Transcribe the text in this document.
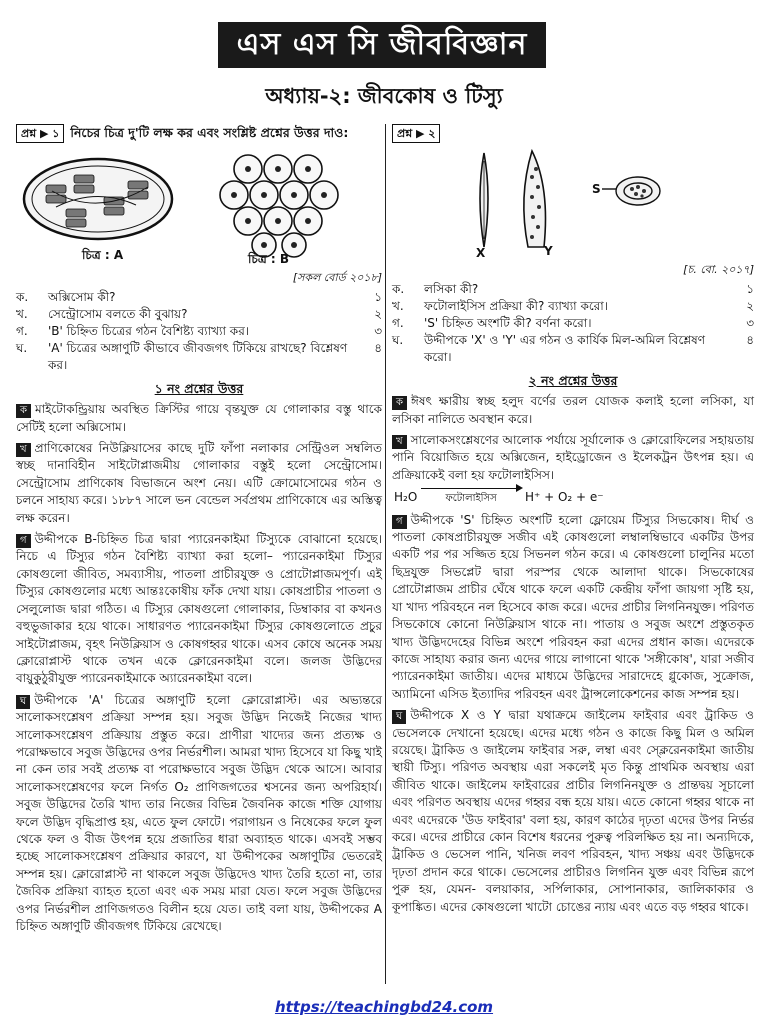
এস এস সি জীববিজ্ঞান
অধ্যায়-২: জীবকোষ ও টিস্যু
প্রশ্ন ▶ ১ নিচের চিত্র দু'টি লক্ষ কর এবং সংশ্লিষ্ট প্রশ্নের উত্তর দাও:
চিত্র : A	চিত্র : B
[সকল বোর্ড ২০১৮]
ক.	অক্সিসোম কী?	১
খ.	সেন্ট্রোসোম বলতে কী বুঝায়?	২
গ.	'B' চিহ্নিত চিত্রের গঠন বৈশিষ্ট্য ব্যাখ্যা কর।	৩
ঘ.	'A' চিত্রের অঙ্গাণুটি কীভাবে জীবজগৎ টিকিয়ে রাখছে? বিশ্লেষণ কর।
৪
১ নং প্রশ্নের উত্তর
ক মাইটোকন্ড্রিয়ায় অবস্থিত ক্রিস্টির গায়ে বৃন্তযুক্ত যে গোলাকার বস্তু থাকে সেটিই হলো অক্সিসোম।
খ প্রাণিকোষের নিউক্লিয়াসের কাছে দুটি ফাঁপা নলাকার সেন্ট্রিওল সম্বলিত স্বচ্ছ দানাবিহীন সাইটোপ্লাজমীয় গোলাকার বস্তুই হলো সেন্ট্রোসোম। সেন্ট্রোসোম প্রাণিকোষ বিভাজনে অংশ নেয়। এটি ক্রোমোসোমের গঠন ও চলনে সাহায্য করে। ১৮৮৭ সালে ভন বেন্ডেল সর্বপ্রথম প্রাণিকোষে এর অস্তিত্ব লক্ষ করেন।
গ উদ্দীপকে B-চিহ্নিত চিত্র দ্বারা প্যারেনকাইমা টিস্যুকে বোঝানো হয়েছে। নিচে এ টিস্যুর গঠন বৈশিষ্ট্য ব্যাখ্যা করা হলো– প্যারেনকাইমা টিস্যুর কোষগুলো জীবিত, সমব্যাসীয়, পাতলা প্রাচীরযুক্ত ও প্রোটোপ্লাজমপূর্ণ। এই টিস্যুর কোষগুলোর মধ্যে আন্তঃকোষীয় ফাঁক দেখা যায়। কোষপ্রাচীর পাতলা ও সেলুলোজ দ্বারা গঠিত। এ টিস্যুর কোষগুলো গোলাকার, ডিম্বাকার বা কখনও বহুভুজাকার হয়ে থাকে। সাধারণত প্যারেনকাইমা টিস্যুর কোষগুলোতে প্রচুর সাইটোপ্লাজম, বৃহৎ নিউক্লিয়াস ও কোষগহ্বর থাকে। এসব কোষে অনেক সময় ক্লোরোপ্লাস্ট থাকে তখন একে ক্লোরেনকাইমা বলে। জলজ উদ্ভিদের বায়ুকুঠুরীযুক্ত প্যারেনকাইমাকে অ্যারেনকাইমা বলে।
ঘ উদ্দীপকে 'A' চিত্রের অঙ্গাণুটি হলো ক্লোরোপ্লাস্ট। এর অভ্যন্তরে সালোকসংশ্লেষণ প্রক্রিয়া সম্পন্ন হয়। সবুজ উদ্ভিদ নিজেই নিজের খাদ্য সালোকসংশ্লেষণ প্রক্রিয়ায় প্রস্তুত করে। প্রাণীরা খাদ্যের জন্য প্রত্যক্ষ ও পরোক্ষভাবে সবুজ উদ্ভিদের ওপর নির্ভরশীল। আমরা খাদ্য হিসেবে যা কিছু খাই না কেন তার সবই প্রত্যক্ষ বা পরোক্ষভাবে সবুজ উদ্ভিদ থেকে আসে। আবার সালোকসংশ্লেষণের ফলে নির্গত O₂ প্রাণিজগতের শ্বসনের জন্য অপরিহার্য। সবুজ উদ্ভিদের তৈরি খাদ্য তার নিজের বিভিন্ন জৈবনিক কাজে শক্তি যোগায় ফলে উদ্ভিদ বৃদ্ধিপ্রাপ্ত হয়, এতে ফুল ফোটে। পরাগায়ন ও নিষেকের ফলে ফুল থেকে ফল ও বীজ উৎপন্ন হয়ে প্রজাতির ধারা অব্যাহত থাকে। এসবই সম্ভব হচ্ছে সালোকসংশ্লেষণ প্রক্রিয়ার কারণে, যা উদ্দীপকের অঙ্গাণুটির ভেতরেই সম্পন্ন হয়। ক্লোরোপ্লাস্ট না থাকলে সবুজ উদ্ভিদেও খাদ্য তৈরি হতো না, তার জৈবিক প্রক্রিয়া ব্যাহত হতো এবং এক সময় মারা যেত। ফলে সবুজ উদ্ভিদের ওপর নির্ভরশীল প্রাণিজগতও বিলীন হয়ে যেত। তাই বলা যায়, উদ্দীপকের A চিহ্নিত অঙ্গাণুটি জীবজগৎ টিকিয়ে রেখেছে।
প্রশ্ন ▶ ২
X	Y
S
[চ. বো. ২০১৭]
ক.	লসিকা কী?	১
খ.	ফটোলাইসিস প্রক্রিয়া কী? ব্যাখ্যা করো।	২
গ.	'S' চিহ্নিত অংশটি কী? বর্ণনা করো।	৩
ঘ.	উদ্দীপকে 'X' ও 'Y' এর গঠন ও কার্যিক মিল-অমিল বিশ্লেষণ করো।
৪
২ নং প্রশ্নের উত্তর
ক ঈষৎ ক্ষারীয় স্বচ্ছ হলুদ বর্ণের তরল যোজক কলাই হলো লসিকা, যা লসিকা নালিতে অবস্থান করে।
খ সালোকসংশ্লেষণের আলোক পর্যায়ে সূর্যালোক ও ক্লোরোফিলের সহায়তায় পানি বিয়োজিত হয়ে অক্সিজেন, হাইড্রোজেন ও ইলেকট্রন উৎপন্ন হয়। এ প্রক্রিয়াকেই বলা হয় ফটোলাইসিস।
H₂O	ফটোলাইসিস H⁺ + O₂ + e⁻
গ উদ্দীপকে 'S' চিহ্নিত অংশটি হলো ফ্লোয়েম টিস্যুর সিভকোষ। দীর্ঘ ও পাতলা কোষপ্রাচীরযুক্ত সজীব এই কোষগুলো লম্বালম্বিভাবে একটির উপর একটি পর পর সজ্জিত হয়ে সিভনল গঠন করে। এ কোষগুলো চালুনির মতো ছিদ্রযুক্ত সিভপ্লেট দ্বারা পরস্পর থেকে আলাদা থাকে। সিভকোষের প্রোটোপ্লাজম প্রাচীর ঘেঁষে থাকে ফলে একটি কেন্দ্রীয় ফাঁপা জায়গা সৃষ্টি হয়, যা খাদ্য পরিবহনে নল হিসেবে কাজ করে। এদের প্রাচীর লিগনিনযুক্ত। পরিণত সিভকোষে কোনো নিউক্লিয়াস থাকে না। পাতায় ও সবুজ অংশে প্রস্তুতকৃত খাদ্য উদ্ভিদদেহের বিভিন্ন অংশে পরিবহন করা এদের প্রধান কাজ। এদেরকে কাজে সাহায্য করার জন্য এদের গায়ে লাগানো থাকে 'সঙ্গীকোষ', যারা সজীব প্যারেনকাইমা জাতীয়। এদের মাধ্যমে উদ্ভিদের সারাদেহে গ্লুকোজ, সুক্রোজ, অ্যামিনো এসিড ইত্যাদির পরিবহন এবং ট্রান্সলোকেশনের কাজ সম্পন্ন হয়।
ঘ উদ্দীপকে X ও Y দ্বারা যথাক্রমে জাইলেম ফাইবার এবং ট্রাকিড ও ভেসেলকে দেখানো হয়েছে। এদের মধ্যে গঠন ও কাজে কিছু মিল ও অমিল রয়েছে। ট্রাকিড ও জাইলেম ফাইবার সরু, লম্বা এবং স্ক্লেরেনকাইমা জাতীয় স্থায়ী টিস্যু। পরিণত অবস্থায় এরা সকলেই মৃত কিন্তু প্রাথমিক অবস্থায় এরা জীবিত থাকে। জাইলেম ফাইবারের প্রাচীর লিগনিনযুক্ত ও প্রান্তদ্বয় সূচালো এবং পরিণত অবস্থায় এদের গহ্বর বন্ধ হয়ে যায়। এতে কোনো গহ্বর থাকে না এবং এদেরকে 'উড ফাইবার' বলা হয়, কারণ কাঠের দৃঢ়তা এদের উপর নির্ভর করে। এদের প্রাচীরে কোন বিশেষ ধরনের পুরুত্ব পরিলক্ষিত হয় না। অন্যদিকে, ট্রাকিড ও ভেসেল পানি, খনিজ লবণ পরিবহন, খাদ্য সঞ্চয় এবং উদ্ভিদকে দৃঢ়তা প্রদান করে থাকে। ভেসেলের প্রাচীরও লিগনিন যুক্ত এবং বিভিন্ন রূপে পুরু হয়, যেমন- বলয়াকার, সর্পিলাকার, সোপানাকার, জালিকাকার ও কূপাঙ্কিত। এদের কোষগুলো খাটো চোঙের ন্যায় এবং এতে বড় গহ্বর থাকে।
https://teachingbd24.com
